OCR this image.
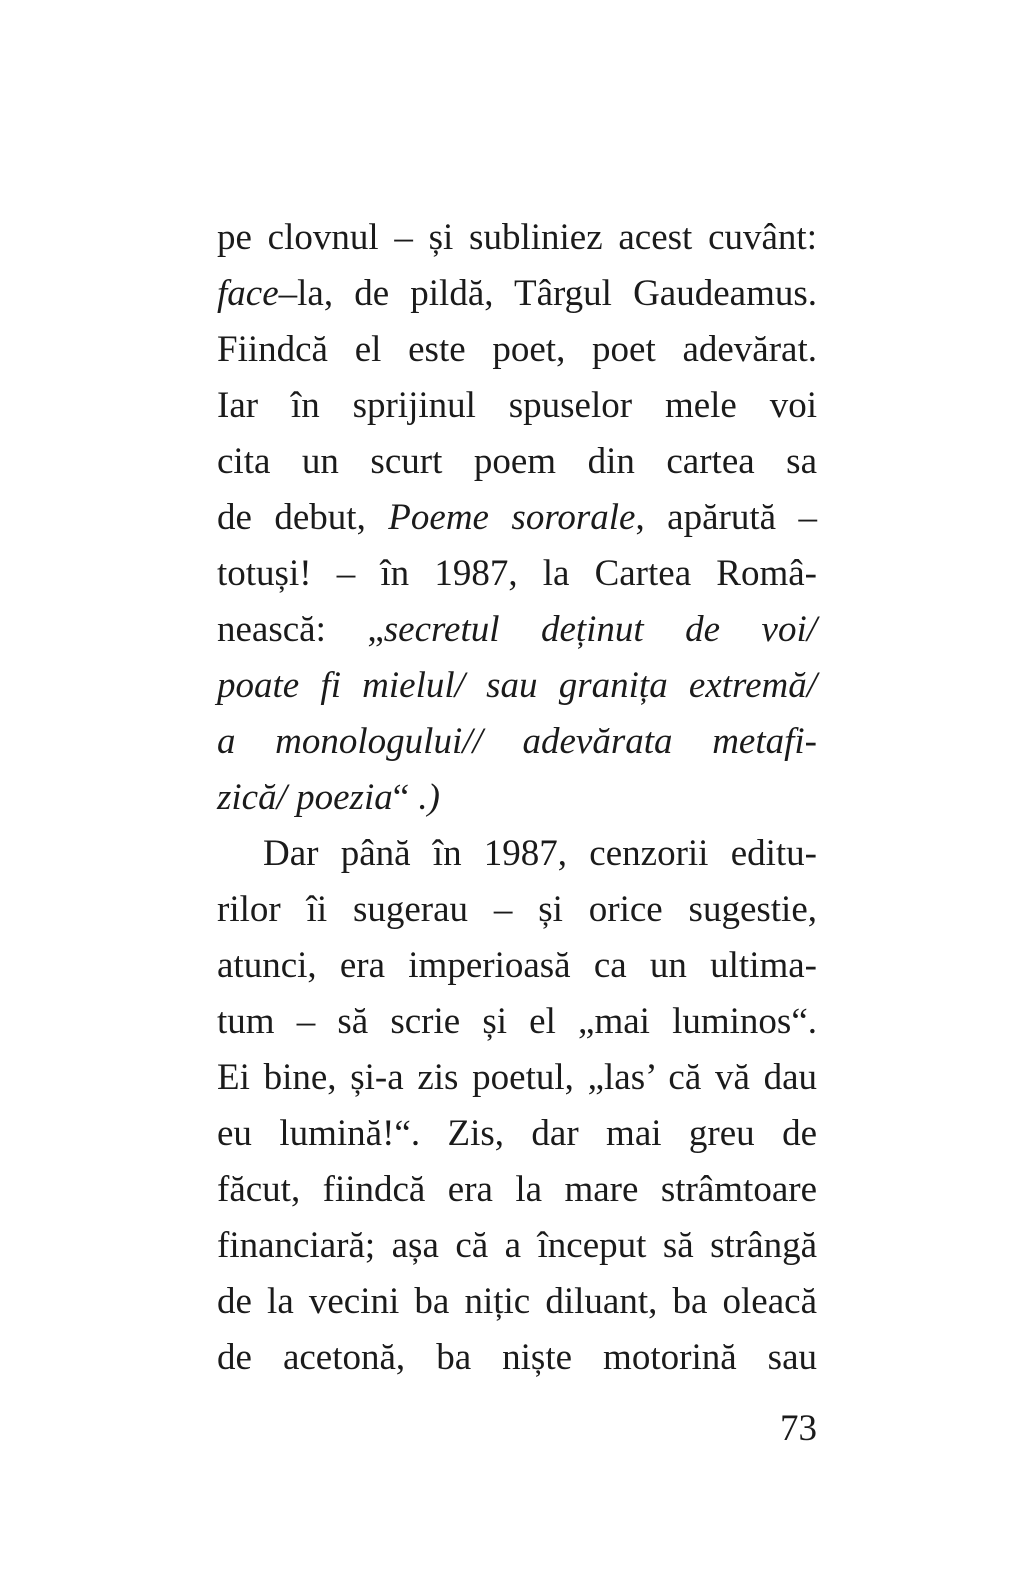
pe clovnul – și subliniez acest cuvânt:
face–la, de pildă, Târgul Gaudeamus.
Fiindcă el este poet, poet adevărat.
Iar în sprijinul spuselor mele voi
cita un scurt poem din cartea sa
de debut, Poeme sororale, apărută –
totuși! – în 1987, la Cartea Româ-
nească: „secretul deținut de voi/
poate fi mielul/ sau granița extremă/
a monologului// adevărata metafi-
zică/ poezia“ .)
Dar până în 1987, cenzorii editu-
rilor îi sugerau – și orice sugestie,
atunci, era imperioasă ca un ultima-
tum – să scrie și el „mai luminos“.
Ei bine, și-a zis poetul, „las’ că vă dau
eu lumină!“. Zis, dar mai greu de
făcut, fiindcă era la mare strâmtoare
financiară; așa că a început să strângă
de la vecini ba nițic diluant, ba oleacă
de acetonă, ba niște motorină sau
73
